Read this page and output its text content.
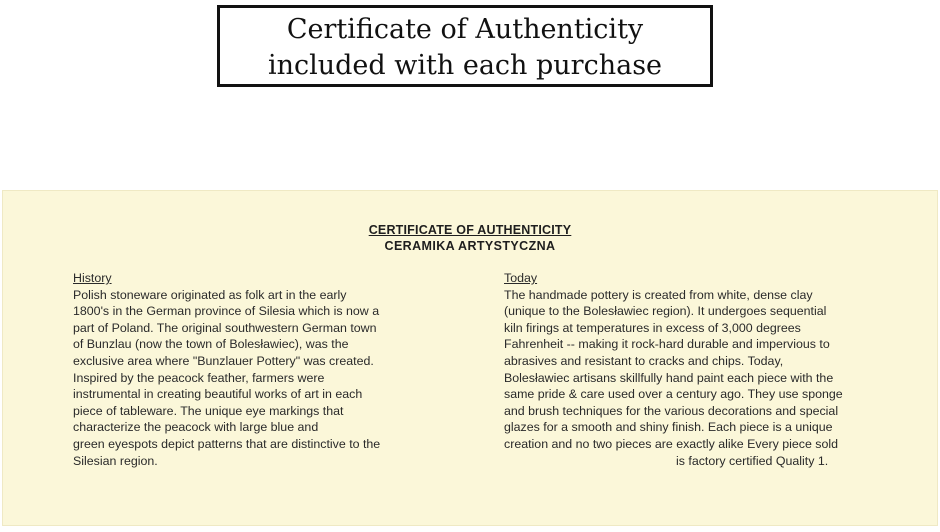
Certificate of Authenticity
included with each purchase
CERTIFICATE OF AUTHENTICITY
CERAMIKA ARTYSTYCZNA
History
Polish stoneware originated as folk art in the early
1800's in the German province of Silesia which is now a
part of Poland. The original southwestern German town
of Bunzlau (now the town of Bolesławiec), was the
exclusive area where "Bunzlauer Pottery" was created.
Inspired by the peacock feather, farmers were
instrumental in creating beautiful works of art in each
piece of tableware. The unique eye markings that
characterize the peacock with large blue and
green eyespots depict patterns that are distinctive to the
Silesian region.
Today
The handmade pottery is created from white, dense clay
(unique to the Bolesławiec region). It undergoes sequential
kiln firings at temperatures in excess of 3,000 degrees
Fahrenheit -- making it rock-hard durable and impervious to
abrasives and resistant to cracks and chips. Today,
Bolesławiec artisans skillfully hand paint each piece with the
same pride & care used over a century ago. They use sponge
and brush techniques for the various decorations and special
glazes for a smooth and shiny finish. Each piece is a unique
creation and no two pieces are exactly alike Every piece sold
is factory certified Quality 1.
